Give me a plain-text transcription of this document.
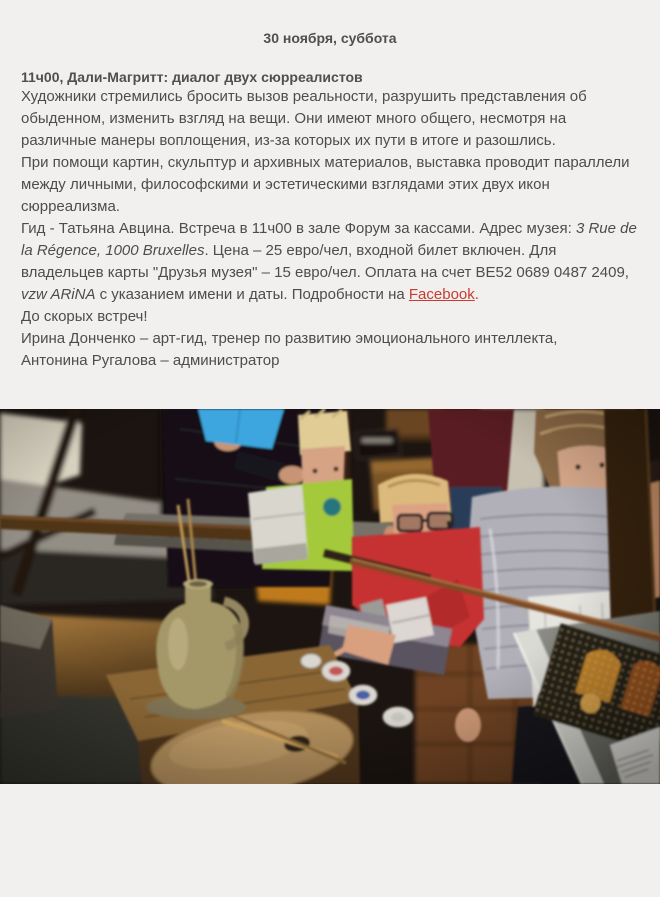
30 ноября, суббота
11ч00, Дали-Магритт: диалог двух сюрреалистов

Художники стремились бросить вызов реальности, разрушить представления об обыденном, изменить взгляд на вещи. Они имеют много общего, несмотря на различные манеры воплощения, из-за которых их пути в итоге и разошлись.
При помощи картин, скульптур и архивных материалов, выставка проводит параллели между личными, философскими и эстетическими взглядами этих двух икон сюрреализма.

Гид - Татьяна Авцина. Встреча в 11ч00 в зале Форум за кассами. Адрес музея: 3 Rue de la Régence, 1000 Bruxelles. Цена – 25 евро/чел, входной билет включен. Для владельцев карты "Друзья музея" – 15 евро/чел. Оплата на счет BE52 0689 0487 2409, vzw ARiNA с указанием имени и даты. Подробности на Facebook.

До скорых встреч!

Ирина Донченко – арт-гид, тренер по развитию эмоционального интеллекта,
Антонина Ругалова – администратор
